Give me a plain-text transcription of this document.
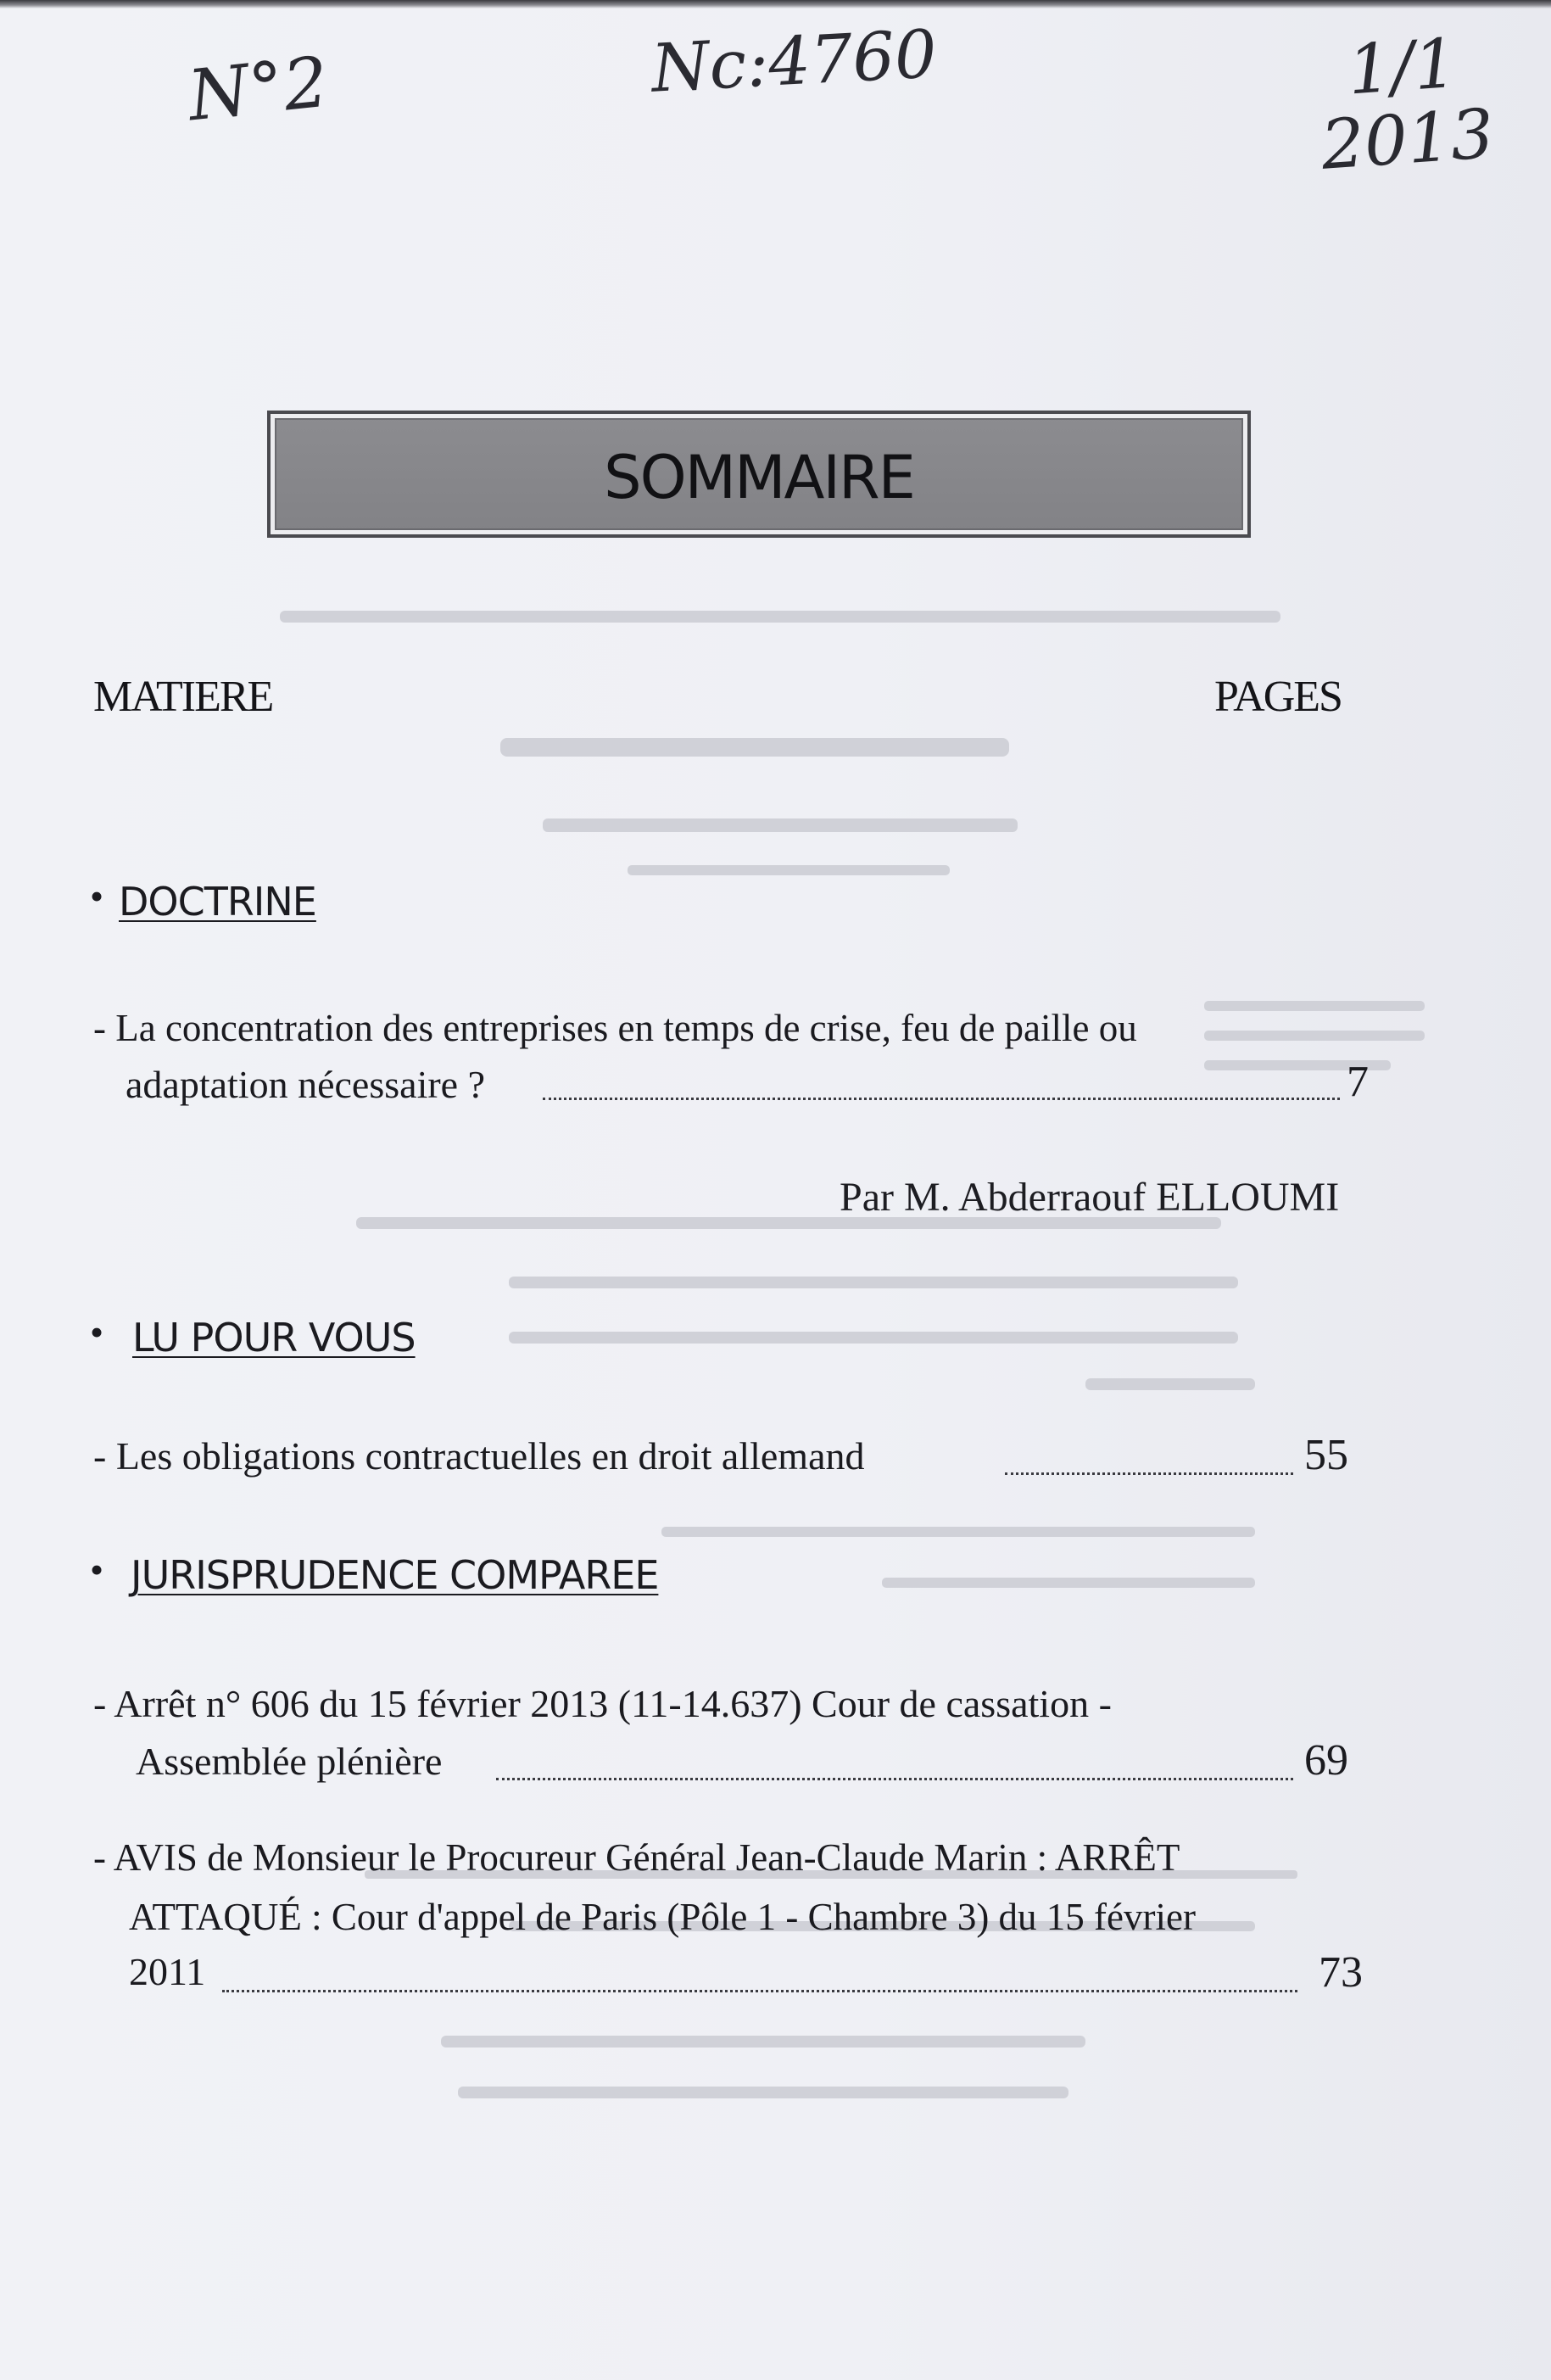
N°2	Nc:4760	1/1
2013
SOMMAIRE
MATIERE	PAGES
• DOCTRINE
- La concentration des entreprises en temps de crise, feu de paille ou
adaptation nécessaire ?	7
Par M. Abderraouf ELLOUMI
• LU POUR VOUS
- Les obligations contractuelles en droit allemand	55
• JURISPRUDENCE COMPAREE
- Arrêt n° 606 du 15 février 2013 (11-14.637) Cour de cassation -
Assemblée plénière	69
- AVIS de Monsieur le Procureur Général Jean-Claude Marin : ARRÊT
ATTAQUÉ : Cour d'appel de Paris (Pôle 1 - Chambre 3) du 15 février
2011	73
